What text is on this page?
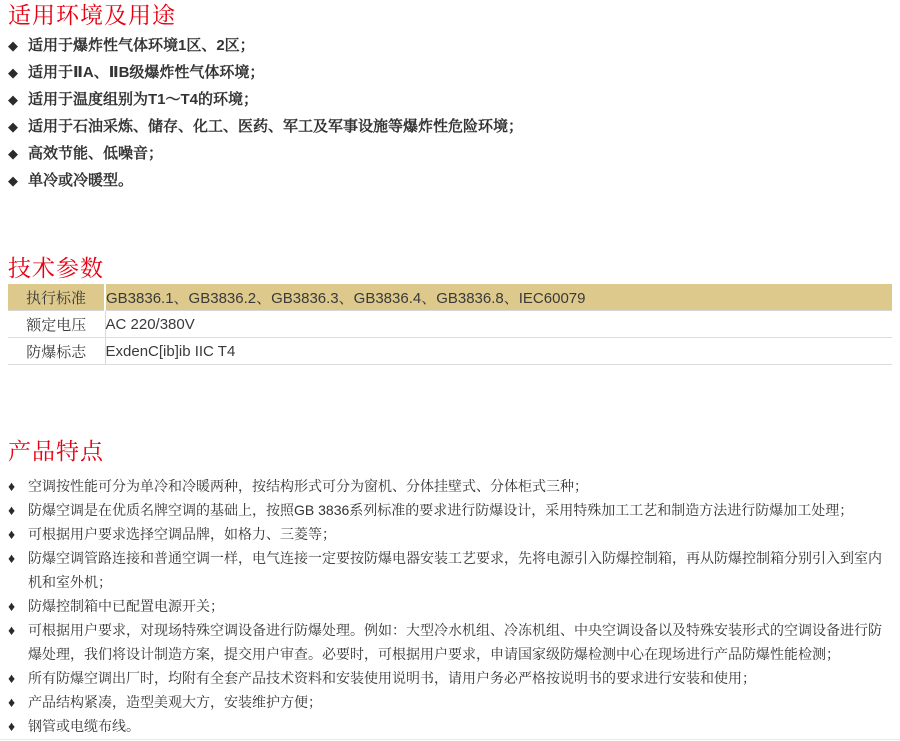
适用环境及用途
◆ 适用于爆炸性气体环境1区、2区；
◆ 适用于ⅡA、ⅡB级爆炸性气体环境；
◆ 适用于温度组别为T1～T4的环境；
◆ 适用于石油采炼、储存、化工、医药、军工及军事设施等爆炸性危险环境；
◆ 高效节能、低噪音；
◆ 单冷或冷暖型。
技术参数
执行标准	GB3836.1、GB3836.2、GB3836.3、GB3836.4、GB3836.8、IEC60079
额定电压	AC 220/380V
防爆标志	ExdenC[ib]ib IIC T4
产品特点
♦ 空调按性能可分为单冷和冷暖两种，按结构形式可分为窗机、分体挂壁式、分体柜式三种；
♦ 防爆空调是在优质名牌空调的基础上，按照GB 3836系列标准的要求进行防爆设计，采用特殊加工工艺和制造方法进行防爆加工处理；
♦ 可根据用户要求选择空调品牌，如格力、三菱等；
♦ 防爆空调管路连接和普通空调一样，电气连接一定要按防爆电器安装工艺要求，先将电源引入防爆控制箱，再从防爆控制箱分别引入到室内机和室外机；
♦ 防爆控制箱中已配置电源开关；
♦ 可根据用户要求，对现场特殊空调设备进行防爆处理。例如：大型冷水机组、冷冻机组、中央空调设备以及特殊安装形式的空调设备进行防爆处理，我们将设计制造方案，提交用户审查。必要时，可根据用户要求，申请国家级防爆检测中心在现场进行产品防爆性能检测；
♦ 所有防爆空调出厂时，均附有全套产品技术资料和安装使用说明书，请用户务必严格按说明书的要求进行安装和使用；
♦ 产品结构紧凑，造型美观大方，安装维护方便；
♦ 钢管或电缆布线。
